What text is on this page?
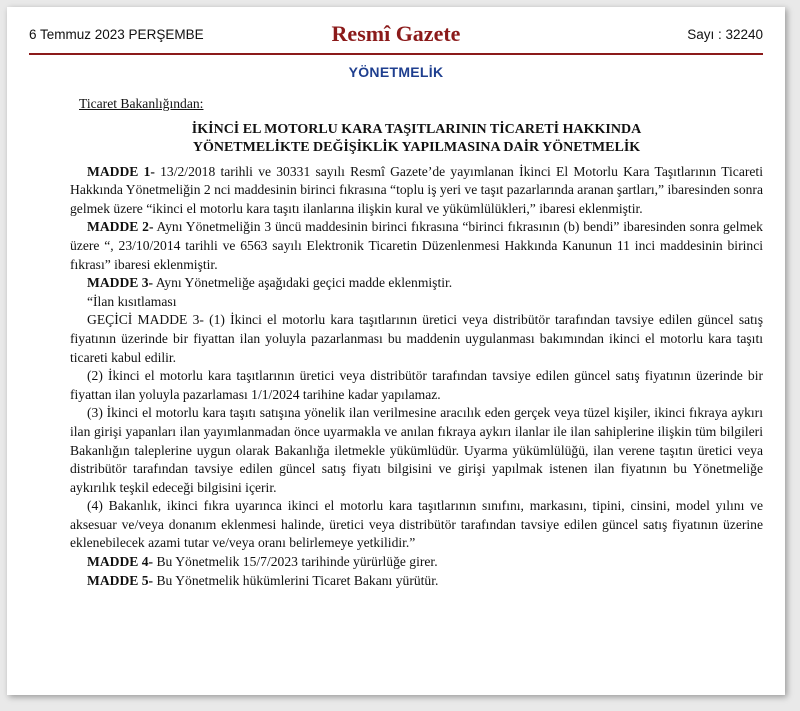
6 Temmuz 2023 PERŞEMBE	Resmî Gazete	Sayı : 32240
YÖNETMELİK
Ticaret Bakanlığından:
İKİNCİ EL MOTORLU KARA TAŞITLARININ TİCARETİ HAKKINDA
YÖNETMELİKTE DEĞİŞİKLİK YAPILMASINA DAİR YÖNETMELİK
MADDE 1- 13/2/2018 tarihli ve 30331 sayılı Resmî Gazete’de yayımlanan İkinci El Motorlu Kara Taşıtlarının Ticareti Hakkında Yönetmeliğin 2 nci maddesinin birinci fıkrasına “toplu iş yeri ve taşıt pazarlarında aranan şartları,” ibaresinden sonra gelmek üzere “ikinci el motorlu kara taşıtı ilanlarına ilişkin kural ve yükümlülükleri,” ibaresi eklenmiştir.
MADDE 2- Aynı Yönetmeliğin 3 üncü maddesinin birinci fıkrasına “birinci fıkrasının (b) bendi” ibaresinden sonra gelmek üzere “, 23/10/2014 tarihli ve 6563 sayılı Elektronik Ticaretin Düzenlenmesi Hakkında Kanunun 11 inci maddesinin birinci fıkrası” ibaresi eklenmiştir.
MADDE 3- Aynı Yönetmeliğe aşağıdaki geçici madde eklenmiştir.
“İlan kısıtlaması
GEÇİCİ MADDE 3- (1) İkinci el motorlu kara taşıtlarının üretici veya distribütör tarafından tavsiye edilen güncel satış fiyatının üzerinde bir fiyattan ilan yoluyla pazarlanması bu maddenin uygulanması bakımından ikinci el motorlu kara taşıtı ticareti kabul edilir.
(2) İkinci el motorlu kara taşıtlarının üretici veya distribütör tarafından tavsiye edilen güncel satış fiyatının üzerinde bir fiyattan ilan yoluyla pazarlaması 1/1/2024 tarihine kadar yapılamaz.
(3) İkinci el motorlu kara taşıtı satışına yönelik ilan verilmesine aracılık eden gerçek veya tüzel kişiler, ikinci fıkraya aykırı ilan girişi yapanları ilan yayımlanmadan önce uyarmakla ve anılan fıkraya aykırı ilanlar ile ilan sahiplerine ilişkin tüm bilgileri Bakanlığın taleplerine uygun olarak Bakanlığa iletmekle yükümlüdür. Uyarma yükümlülüğü, ilan verene taşıtın üretici veya distribütör tarafından tavsiye edilen güncel satış fiyatı bilgisini ve girişi yapılmak istenen ilan fiyatının bu Yönetmeliğe aykırılık teşkil edeceği bilgisini içerir.
(4) Bakanlık, ikinci fıkra uyarınca ikinci el motorlu kara taşıtlarının sınıfını, markasını, tipini, cinsini, model yılını ve aksesuar ve/veya donanım eklenmesi halinde, üretici veya distribütör tarafından tavsiye edilen güncel satış fiyatının üzerine eklenebilecek azami tutar ve/veya oranı belirlemeye yetkilidir.”
MADDE 4- Bu Yönetmelik 15/7/2023 tarihinde yürürlüğe girer.
MADDE 5- Bu Yönetmelik hükümlerini Ticaret Bakanı yürütür.
